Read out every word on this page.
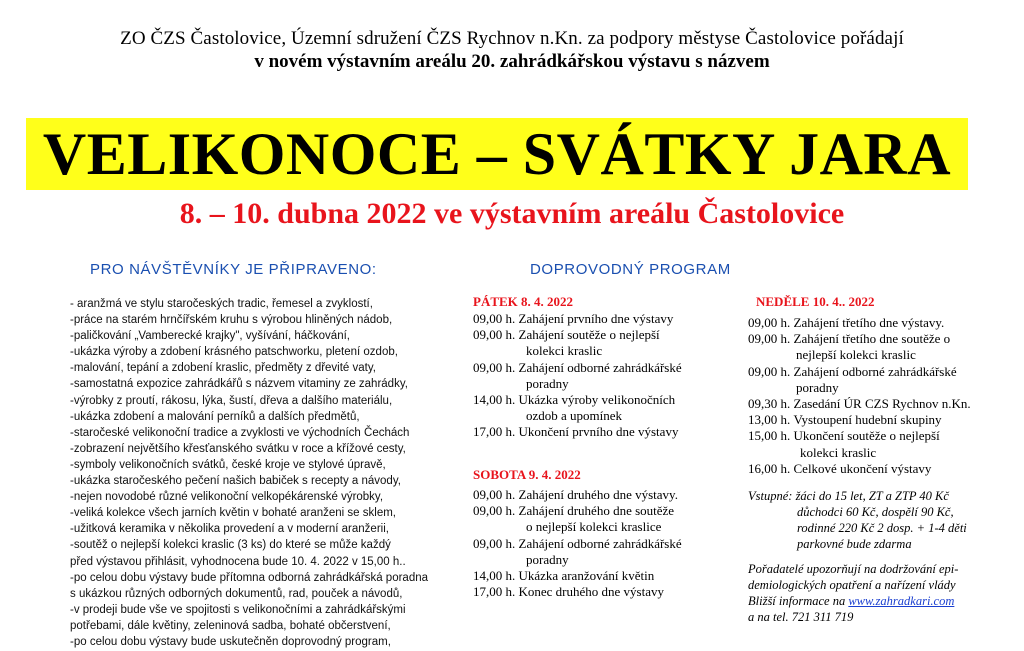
ZO ČZS Častolovice, Územní sdružení ČZS Rychnov n.Kn. za podpory městyse Častolovice pořádají
v novém výstavním areálu 20. zahrádkářskou výstavu s názvem
VELIKONOCE – SVÁTKY JARA
8. – 10. dubna 2022 ve výstavním areálu Častolovice
PRO NÁVŠTĚVNÍKY JE PŘIPRAVENO:	DOPROVODNÝ PROGRAM
- aranžmá ve stylu staročeských tradic, řemesel a zvyklostí,
-práce na starém hrnčířském kruhu s výrobou hliněných nádob,
-paličkování „Vamberecké krajky", vyšívání, háčkování,
-ukázka výroby a zdobení krásného patschworku, pletení ozdob,
-malování, tepání a zdobení kraslic, předměty z dřevité vaty,
-samostatná expozice zahrádkářů s názvem vitaminy ze zahrádky,
-výrobky z proutí, rákosu, lýka, šustí, dřeva a dalšího materiálu,
-ukázka zdobení a malování perníků a dalších předmětů,
-staročeské velikonoční tradice a zvyklosti ve východních Čechách
-zobrazení největšího křesťanského svátku v roce a křížové cesty,
-symboly velikonočních svátků, české kroje ve stylové úpravě,
-ukázka staročeského pečení našich babiček s recepty a návody,
-nejen novodobé různé velikonoční velkopékárenské výrobky,
-veliká kolekce všech jarních květin v bohaté aranženi se sklem,
-užitková keramika v několika provedení a v moderní aranžerii,
-soutěž o nejlepší kolekci kraslic (3 ks) do které se může každý
před výstavou přihlásit, vyhodnocena bude 10. 4. 2022 v 15,00 h..
-po celou dobu výstavy bude přítomna odborná zahrádkářská poradna
s ukázkou různých odborných dokumentů, rad, pouček a návodů,
-v prodeji bude vše ve spojitosti s velikonočními a zahrádkářskými
potřebami, dále květiny, zeleninová sadba, bohaté občerstvení,
-po celou dobu výstavy bude uskutečněn doprovodný program,
PÁTEK 8. 4. 2022
09,00 h.
Zahájení prvního dne výstavy
09,00 h.
Zahájení soutěže o nejlepší
kolekci kraslic
09,00 h.
Zahájení odborné zahrádkářské
poradny
14,00 h.
Ukázka výroby velikonočních
ozdob a upomínek
17,00 h.
Ukončení prvního dne výstavy
SOBOTA 9. 4. 2022
09,00 h.
Zahájení druhého dne výstavy.
09,00 h.
Zahájení druhého dne soutěže
o nejlepší kolekci kraslice
09,00 h.
Zahájení odborné zahrádkářské
poradny
14,00 h.
Ukázka aranžování květin
17,00 h.
Konec druhého dne výstavy
NEDĚLE 10. 4.. 2022
09,00 h.
Zahájení třetího dne výstavy.
09,00 h.
Zahájení třetího dne soutěže o
nejlepší kolekci kraslic
09,00 h.
Zahájení odborné zahrádkářské
poradny
09,30 h.
Zasedání ÚR CZS Rychnov n.Kn.
13,00 h.
Vystoupení hudební skupiny
15,00 h.
Ukončení soutěže o nejlepší
kolekci kraslic
16,00 h.
Celkové ukončení výstavy
Vstupné: žáci do 15 let, ZT a ZTP 40 Kč
důchodci 60 Kč, dospělí 90 Kč,
rodinné 220 Kč 2 dosp. + 1-4 děti
parkovné bude zdarma
Pořadatelé upozorňují na dodržování epi-
demiologických opatření a nařízení vlády
Bližší informace na www.zahradkari.com
a na tel. 721 311 719
